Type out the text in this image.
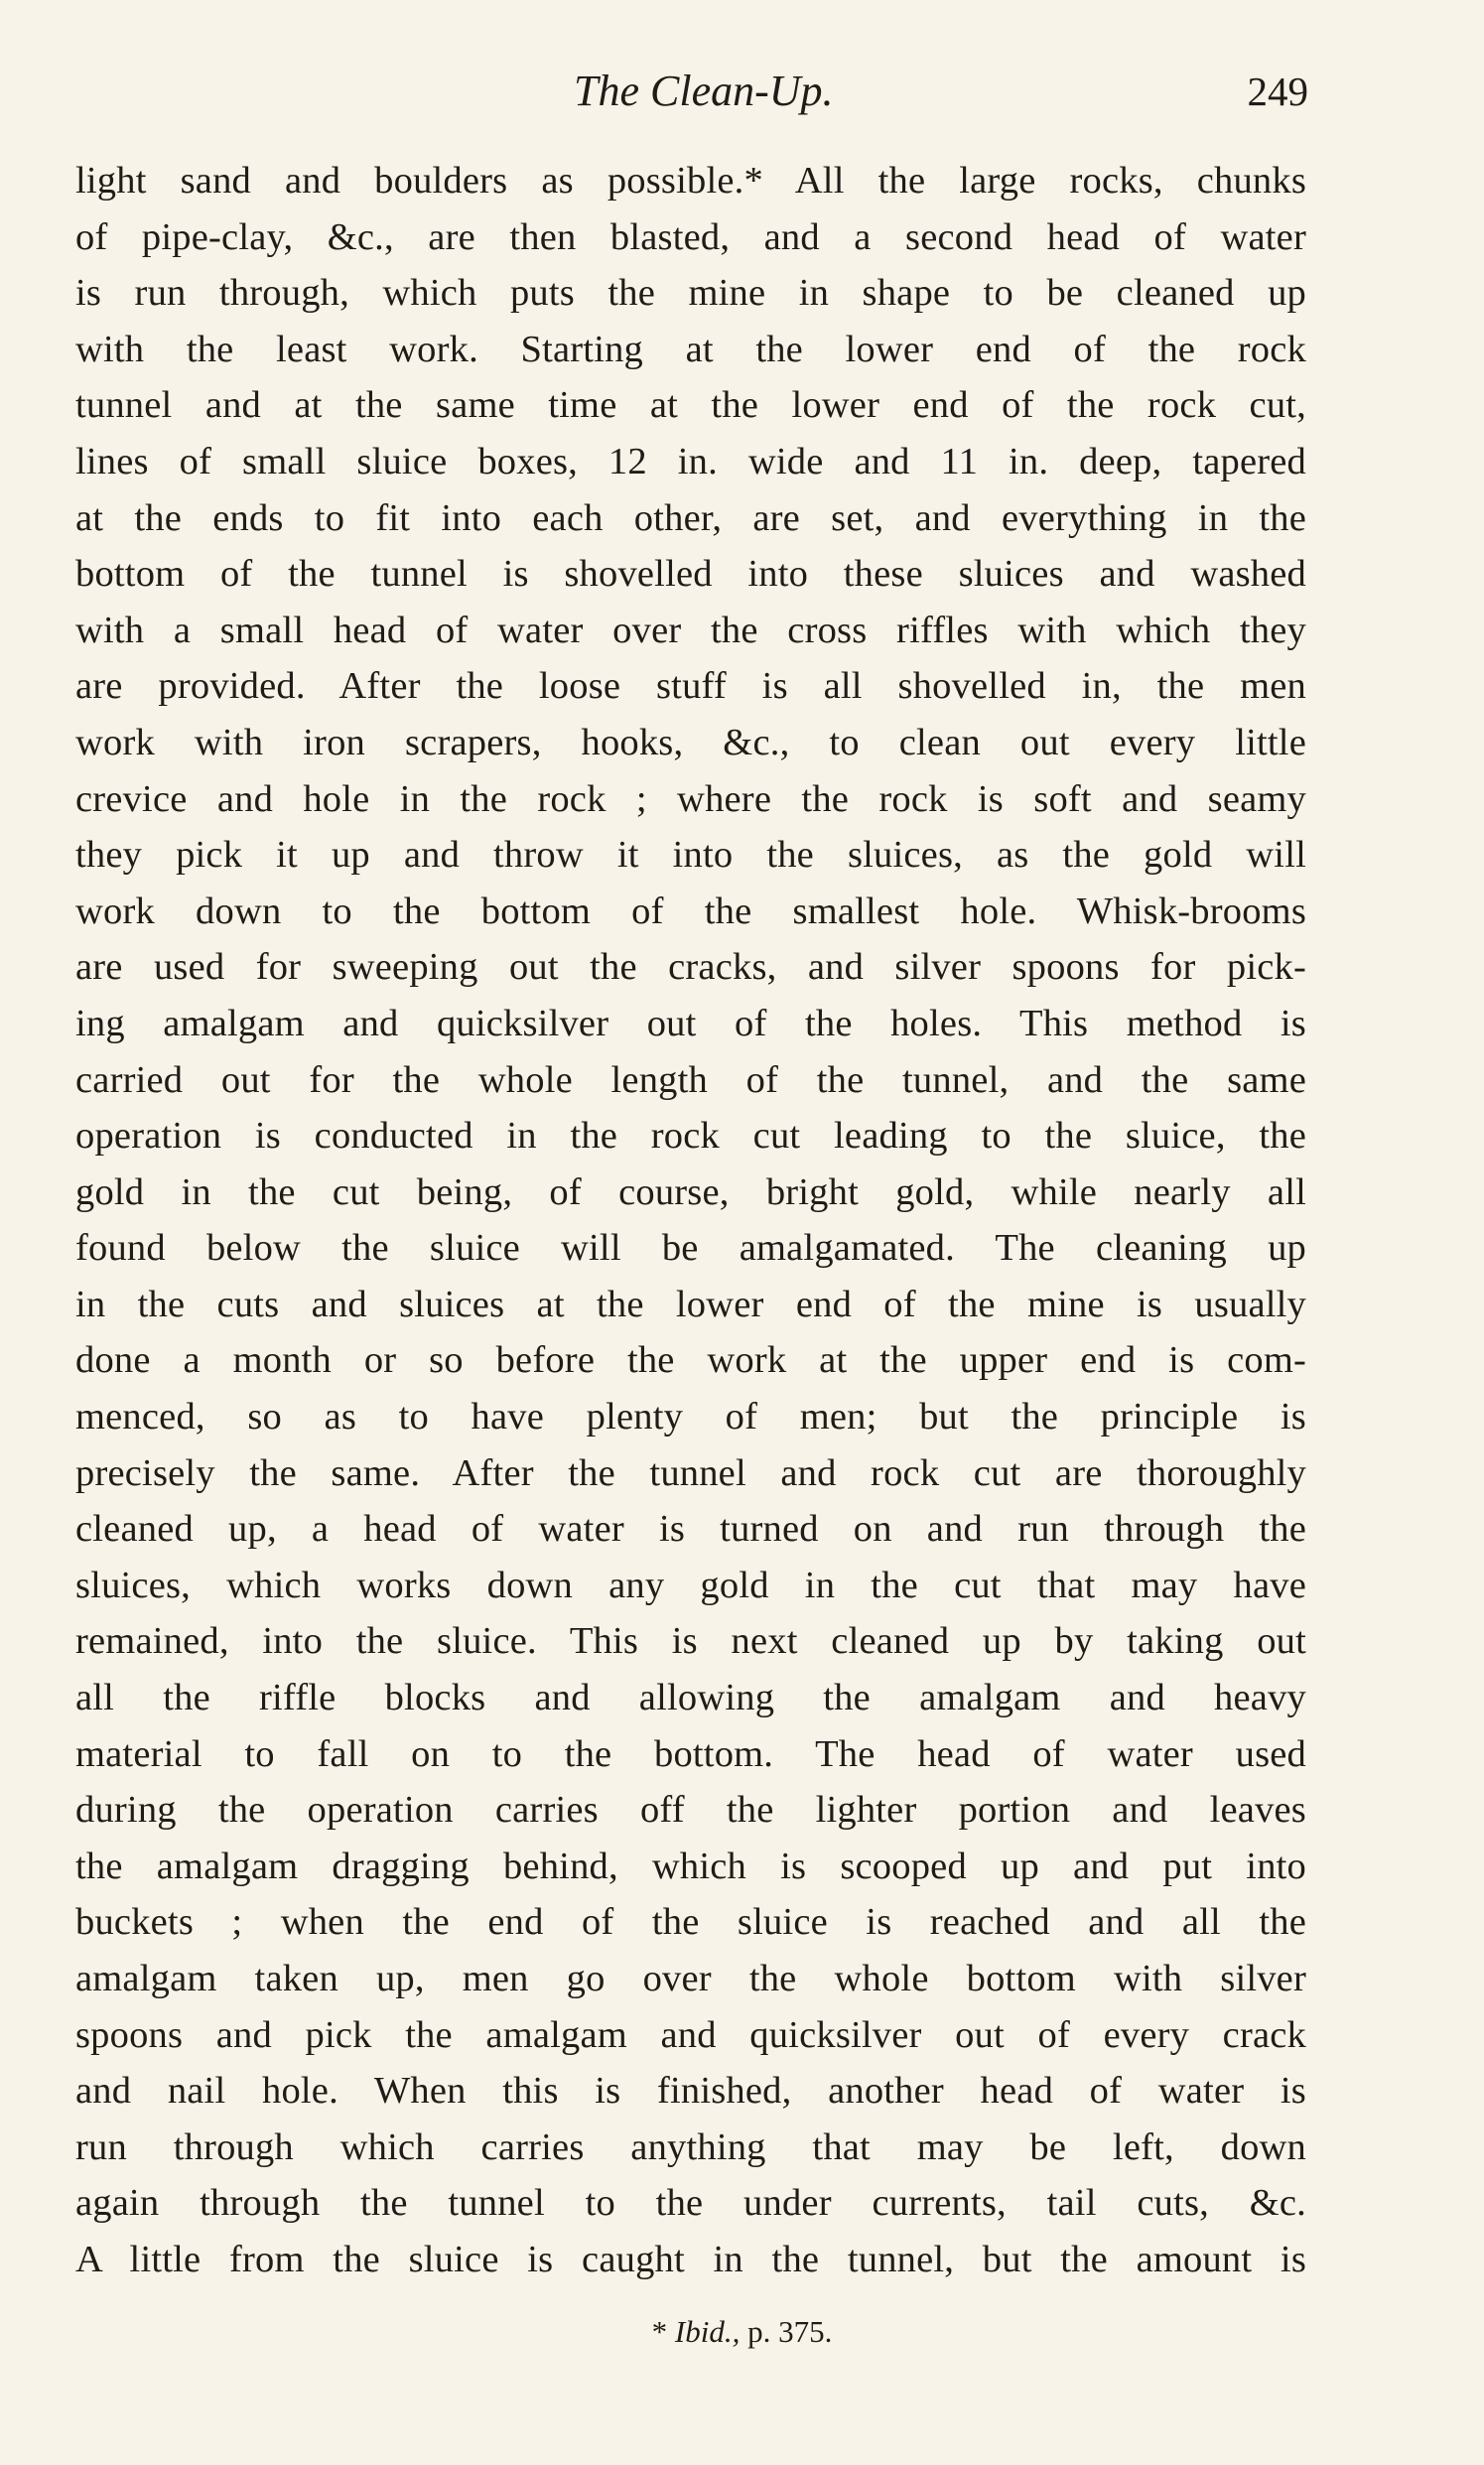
The Clean-Up.	249
light sand and boulders as possible.* All the large rocks, chunks
of pipe-clay, &c., are then blasted, and a second head of water
is run through, which puts the mine in shape to be cleaned up
with the least work. Starting at the lower end of the rock
tunnel and at the same time at the lower end of the rock cut,
lines of small sluice boxes, 12 in. wide and 11 in. deep, tapered
at the ends to fit into each other, are set, and everything in the
bottom of the tunnel is shovelled into these sluices and washed
with a small head of water over the cross riffles with which they
are provided. After the loose stuff is all shovelled in, the men
work with iron scrapers, hooks, &c., to clean out every little
crevice and hole in the rock ; where the rock is soft and seamy
they pick it up and throw it into the sluices, as the gold will
work down to the bottom of the smallest hole. Whisk-brooms
are used for sweeping out the cracks, and silver spoons for pick-
ing amalgam and quicksilver out of the holes. This method is
carried out for the whole length of the tunnel, and the same
operation is conducted in the rock cut leading to the sluice, the
gold in the cut being, of course, bright gold, while nearly all
found below the sluice will be amalgamated. The cleaning up
in the cuts and sluices at the lower end of the mine is usually
done a month or so before the work at the upper end is com-
menced, so as to have plenty of men; but the principle is
precisely the same. After the tunnel and rock cut are thoroughly
cleaned up, a head of water is turned on and run through the
sluices, which works down any gold in the cut that may have
remained, into the sluice. This is next cleaned up by taking out
all the riffle blocks and allowing the amalgam and heavy
material to fall on to the bottom. The head of water used
during the operation carries off the lighter portion and leaves
the amalgam dragging behind, which is scooped up and put into
buckets ; when the end of the sluice is reached and all the
amalgam taken up, men go over the whole bottom with silver
spoons and pick the amalgam and quicksilver out of every crack
and nail hole. When this is finished, another head of water is
run through which carries anything that may be left, down
again through the tunnel to the under currents, tail cuts, &c.
A little from the sluice is caught in the tunnel, but the amount is
* Ibid., p. 375.
